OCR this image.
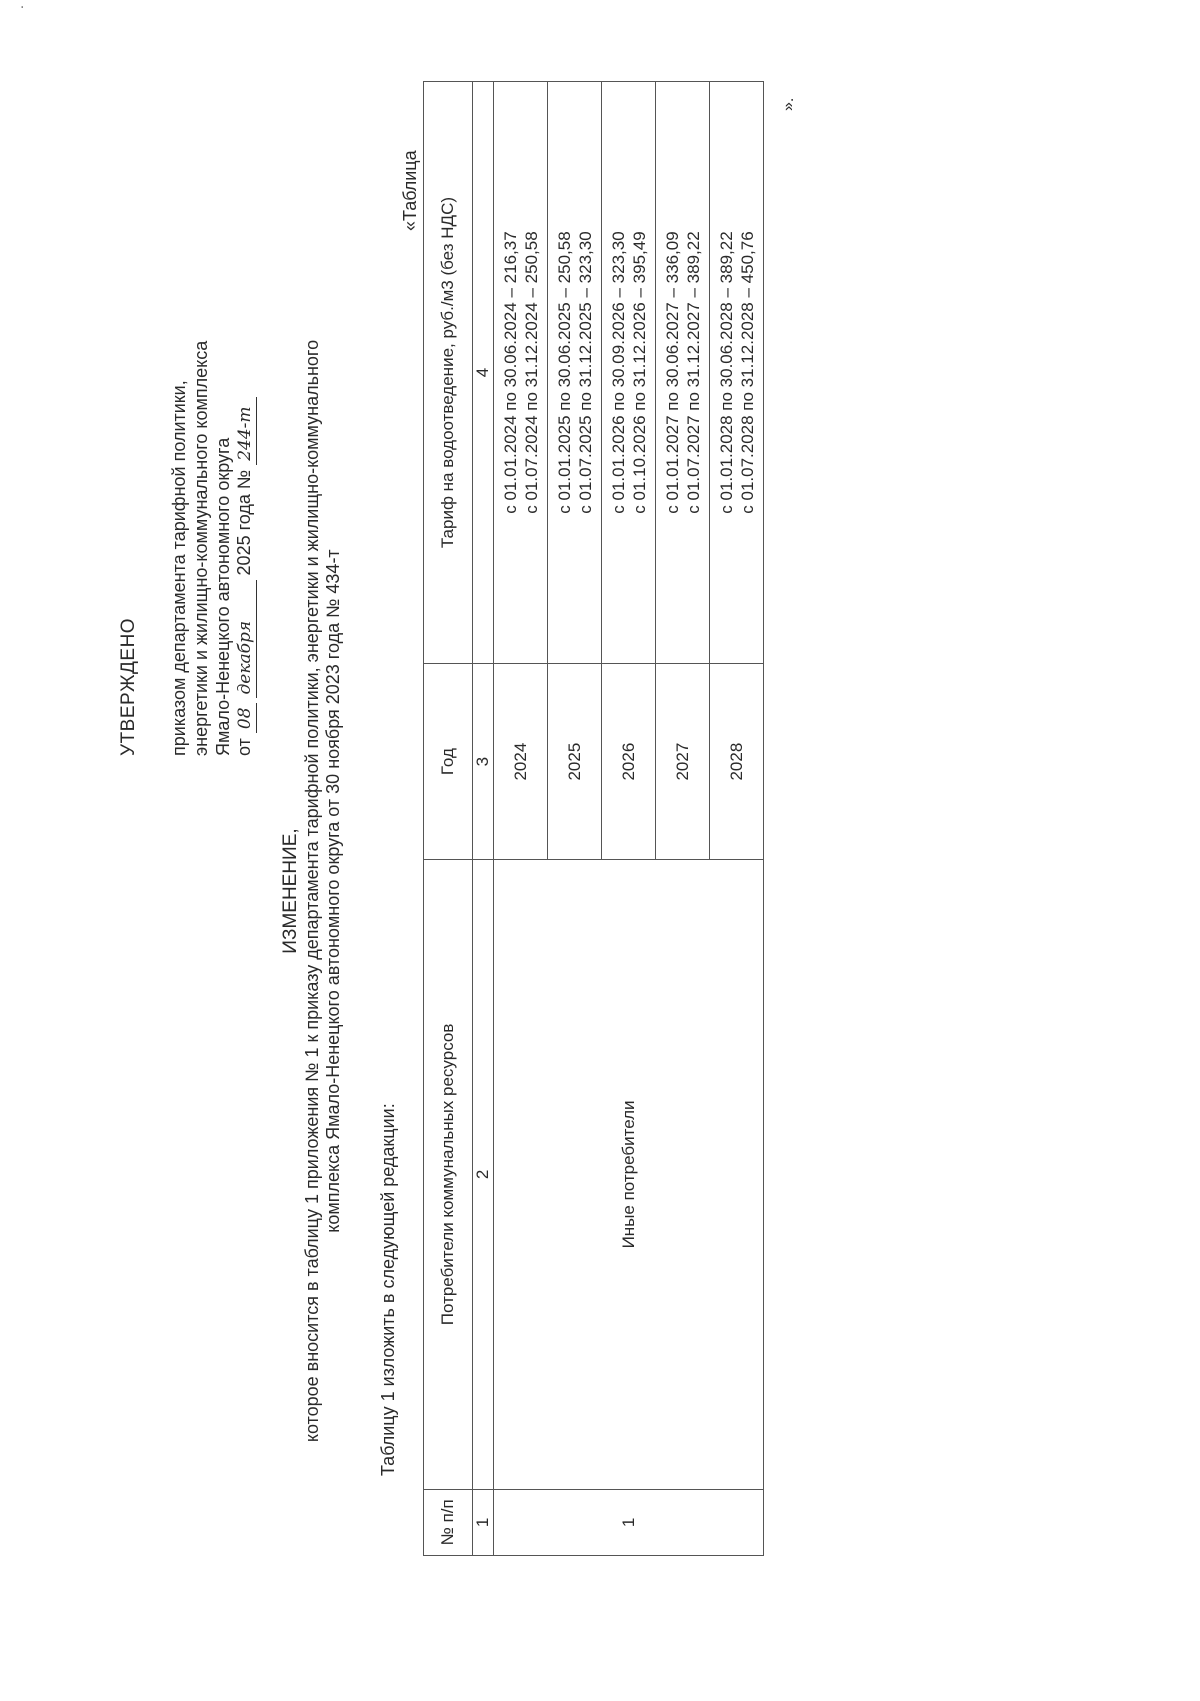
УТВЕРЖДЕНО приказом департамента тарифной политики, энергетики и жилищно-коммунального комплекса Ямало-Ненецкого автономного округа от 08 декабря 2025 года № 244-т
ИЗМЕНЕНИЕ, которое вносится в таблицу 1 приложения № 1 к приказу департамента тарифной политики, энергетики и жилищно-коммунального комплекса Ямало-Ненецкого автономного округа от 30 ноября 2023 года № 434-т
Таблицу 1 изложить в следующей редакции:
«Таблица
№ п/п	Потребители коммунальных ресурсов	Год	Тариф на водоотведение, руб./м3 (без НДС)
1	2	3	4
1	Иные потребители	2024	с 01.01.2024 по 30.06.2024 – 216,37 с 01.07.2024 по 31.12.2024 – 250,58

		2025	с 01.01.2025 по 30.06.2025 – 250,58 с 01.07.2025 по 31.12.2025 – 323,30

		2026	с 01.01.2026 по 30.09.2026 – 323,30 с 01.10.2026 по 31.12.2026 – 395,49

		2027	с 01.01.2027 по 30.06.2027 – 336,09 с 01.07.2027 по 31.12.2027 – 389,22

		2028	с 01.01.2028 по 30.06.2028 – 389,22 с 01.07.2028 по 31.12.2028 – 450,76
».
.
